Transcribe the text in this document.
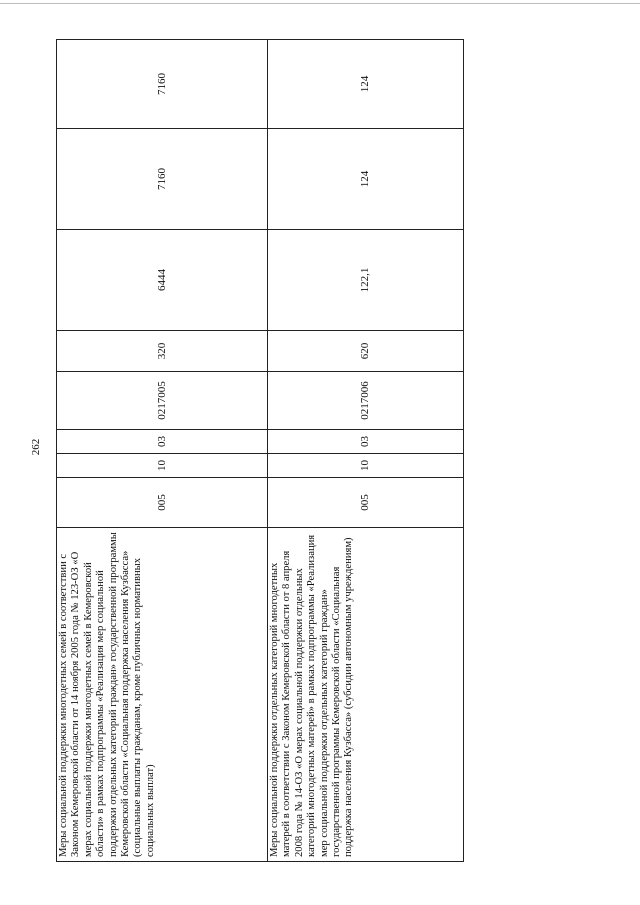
262
Меры социальной поддержки многодетных семей в соответствии с Законом Кемеровской области от 14 ноября 2005 года № 123-ОЗ «О мерах социальной поддержки многодетных семей в Кемеровской области» в рамках подпрограммы «Реализация мер социальной поддержки отдельных категорий граждан» государственной программы Кемеровской области «Социальная поддержка населения Кузбасса» (социальные выплаты гражданам, кроме публичных нормативных социальных выплат)	005	10	03	0217005	320	6444	7160	7160
Меры социальной поддержки отдельных категорий многодетных матерей в соответствии с Законом Кемеровской области от 8 апреля 2008 года № 14-ОЗ «О мерах социальной поддержки отдельных категорий многодетных матерей» в рамках подпрограммы «Реализация мер социальной поддержки отдельных категорий граждан» государственной программы Кемеровской области «Социальная поддержка населения Кузбасса» (субсидии автономным учреждениям)	005	10	03	0217006	620	122,1	124	124
